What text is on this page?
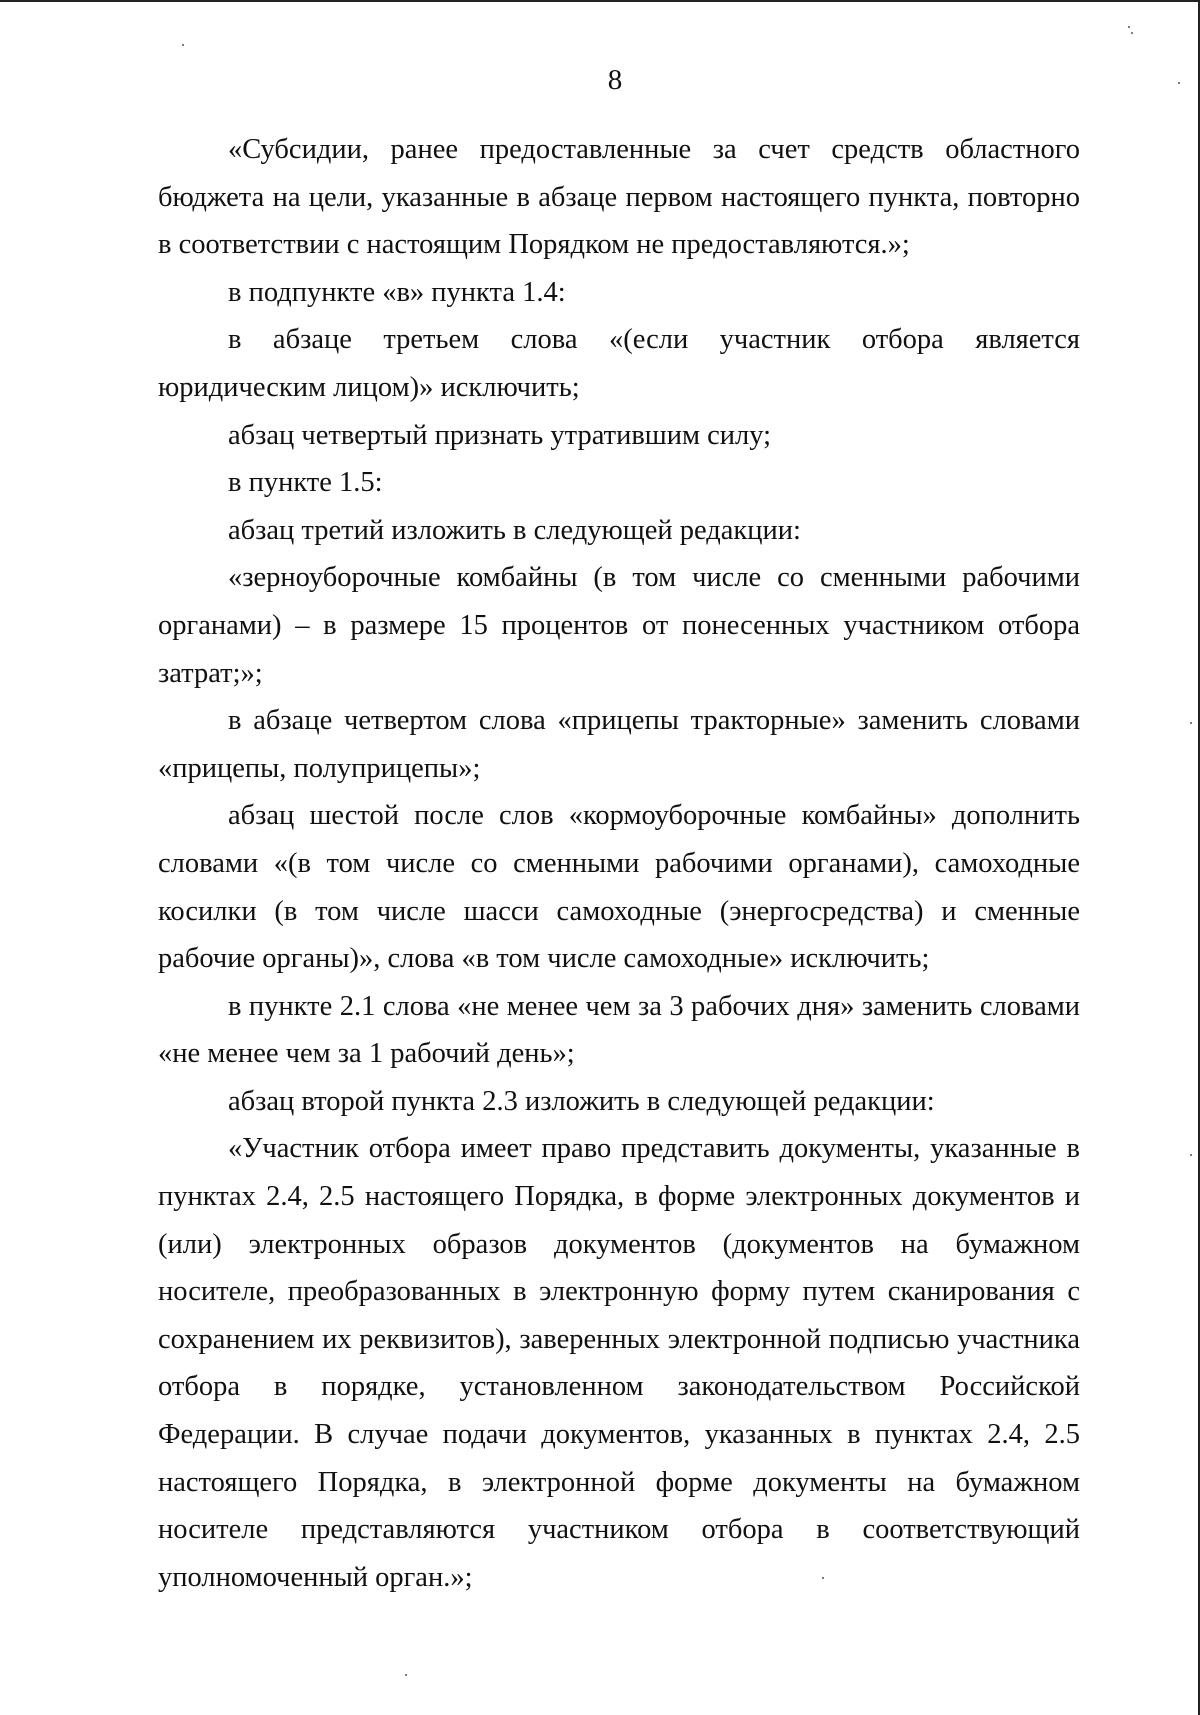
8

«Субсидии, ранее предоставленные за счет средств областного бюджета на цели, указанные в абзаце первом настоящего пункта, повторно в соответствии с настоящим Порядком не предоставляются.»;

в подпункте «в» пункта 1.4:

в абзаце третьем слова «(если участник отбора является юридическим лицом)» исключить;

абзац четвертый признать утратившим силу;

в пункте 1.5:

абзац третий изложить в следующей редакции:

«зерноуборочные комбайны (в том числе со сменными рабочими органами) – в размере 15 процентов от понесенных участником отбора затрат;»;

в абзаце четвертом слова «прицепы тракторные» заменить словами «прицепы, полуприцепы»;

абзац шестой после слов «кормоуборочные комбайны» дополнить словами «(в том числе со сменными рабочими органами), самоходные косилки (в том числе шасси самоходные (энергосредства) и сменные рабочие органы)», слова «в том числе самоходные» исключить;

в пункте 2.1 слова «не менее чем за 3 рабочих дня» заменить словами «не менее чем за 1 рабочий день»;

абзац второй пункта 2.3 изложить в следующей редакции:

«Участник отбора имеет право представить документы, указанные в пунктах 2.4, 2.5 настоящего Порядка, в форме электронных документов и (или) электронных образов документов (документов на бумажном носителе, преобразованных в электронную форму путем сканирования с сохранением их реквизитов), заверенных электронной подписью участника отбора в порядке, установленном законодательством Российской Федерации. В случае подачи документов, указанных в пунктах 2.4, 2.5 настоящего Порядка, в электронной форме документы на бумажном носителе представляются участником отбора в соответствующий уполномоченный орган.»;
